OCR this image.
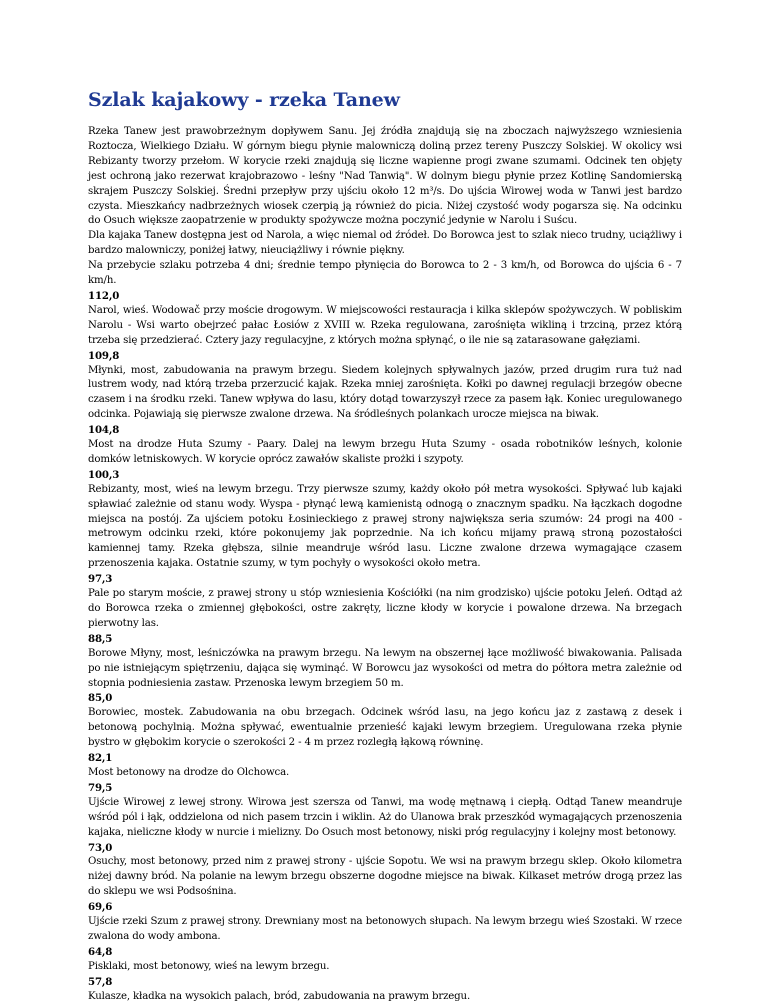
Szlak kajakowy - rzeka Tanew

Rzeka Tanew jest prawobrzeżnym dopływem Sanu. Jej źródła znajdują się na zboczach najwyższego wzniesienia Roztocza, Wielkiego Działu. W górnym biegu płynie malowniczą doliną przez tereny Puszczy Solskiej. W okolicy wsi Rebizanty tworzy przełom. W korycie rzeki znajdują się liczne wapienne progi zwane szumami. Odcinek ten objęty jest ochroną jako rezerwat krajobrazowo - leśny "Nad Tanwią". W dolnym biegu płynie przez Kotlinę Sandomierską skrajem Puszczy Solskiej. Średni przepływ przy ujściu około 12 m³/s. Do ujścia Wirowej woda w Tanwi jest bardzo czysta. Mieszkańcy nadbrzeżnych wiosek czerpią ją również do picia. Niżej czystość wody pogarsza się. Na odcinku do Osuch większe zaopatrzenie w produkty spożywcze można poczynić jedynie w Narolu i Suścu.

Dla kajaka Tanew dostępna jest od Narola, a więc niemal od źródeł. Do Borowca jest to szlak nieco trudny, uciążliwy i bardzo malowniczy, poniżej łatwy, nieuciążliwy i równie piękny.

Na przebycie szlaku potrzeba 4 dni; średnie tempo płynięcia do Borowca to 2 - 3 km/h, od Borowca do ujścia 6 - 7 km/h.

112,0

Narol, wieś. Wodowač przy moście drogowym. W miejscowości restauracja i kilka sklepów spożywczych. W pobliskim Narolu - Wsi warto obejrzeć pałac Łosiów z XVIII w. Rzeka regulowana, zarośnięta wikliną i trzciną, przez którą trzeba się przedzierać. Cztery jazy regulacyjne, z których można spłynąć, o ile nie są zatarasowane gałęziami.

109,8

Młynki, most, zabudowania na prawym brzegu. Siedem kolejnych spływalnych jazów, przed drugim rura tuż nad lustrem wody, nad którą trzeba przerzucić kajak. Rzeka mniej zarośnięta. Kołki po dawnej regulacji brzegów obecne czasem i na środku rzeki. Tanew wpływa do lasu, który dotąd towarzyszył rzece za pasem łąk. Koniec uregulowanego odcinka. Pojawiają się pierwsze zwalone drzewa. Na śródleśnych polankach urocze miejsca na biwak.

104,8

Most na drodze Huta Szumy - Paary. Dalej na lewym brzegu Huta Szumy - osada robotników leśnych, kolonie domków letniskowych. W korycie oprócz zawałów skaliste prożki i szypoty.

100,3

Rebizanty, most, wieś na lewym brzegu. Trzy pierwsze szumy, każdy około pół metra wysokości. Spływać lub kajaki spławiać zależnie od stanu wody. Wyspa - płynąć lewą kamienistą odnogą o znacznym spadku. Na łączkach dogodne miejsca na postój. Za ujściem potoku Łosinieckiego z prawej strony największa seria szumów: 24 progi na 400 - metrowym odcinku rzeki, które pokonujemy jak poprzednie. Na ich końcu mijamy prawą stroną pozostałości kamiennej tamy. Rzeka głębsza, silnie meandruje wśród lasu. Liczne zwalone drzewa wymagające czasem przenoszenia kajaka. Ostatnie szumy, w tym pochyły o wysokości około metra.

97,3

Pale po starym moście, z prawej strony u stóp wzniesienia Kościółki (na nim grodzisko) ujście potoku Jeleń. Odtąd aż do Borowca rzeka o zmiennej głębokości, ostre zakręty, liczne kłody w korycie i powalone drzewa. Na brzegach pierwotny las.

88,5

Borowe Młyny, most, leśniczówka na prawym brzegu. Na lewym na obszernej łące możliwość biwakowania. Palisada po nie istniejącym spiętrzeniu, dająca się wyminąć. W Borowcu jaz wysokości od metra do półtora metra zależnie od stopnia podniesienia zastaw. Przenoska lewym brzegiem 50 m.

85,0

Borowiec, mostek. Zabudowania na obu brzegach. Odcinek wśród lasu, na jego końcu jaz z zastawą z desek i betonową pochylnią. Można spływać, ewentualnie przenieść kajaki lewym brzegiem. Uregulowana rzeka płynie bystro w głębokim korycie o szerokości 2 - 4 m przez rozległą łąkową równinę.

82,1

Most betonowy na drodze do Olchowca.

79,5

Ujście Wirowej z lewej strony. Wirowa jest szersza od Tanwi, ma wodę mętnawą i ciepłą. Odtąd Tanew meandruje wśród pól i łąk, oddzielona od nich pasem trzcin i wiklin. Aż do Ulanowa brak przeszkód wymagających przenoszenia kajaka, nieliczne kłody w nurcie i mielizny. Do Osuch most betonowy, niski próg regulacyjny i kolejny most betonowy.

73,0

Osuchy, most betonowy, przed nim z prawej strony - ujście Sopotu. We wsi na prawym brzegu sklep. Około kilometra niżej dawny bród. Na polanie na lewym brzegu obszerne dogodne miejsce na biwak. Kilkaset metrów drogą przez las do sklepu we wsi Podsośnina.

69,6

Ujście rzeki Szum z prawej strony. Drewniany most na betonowych słupach. Na lewym brzegu wieś Szostaki. W rzece zwalona do wody ambona.

64,8

Pisklaki, most betonowy, wieś na lewym brzegu.

57,8

Kulasze, kładka na wysokich palach, bród, zabudowania na prawym brzegu.
